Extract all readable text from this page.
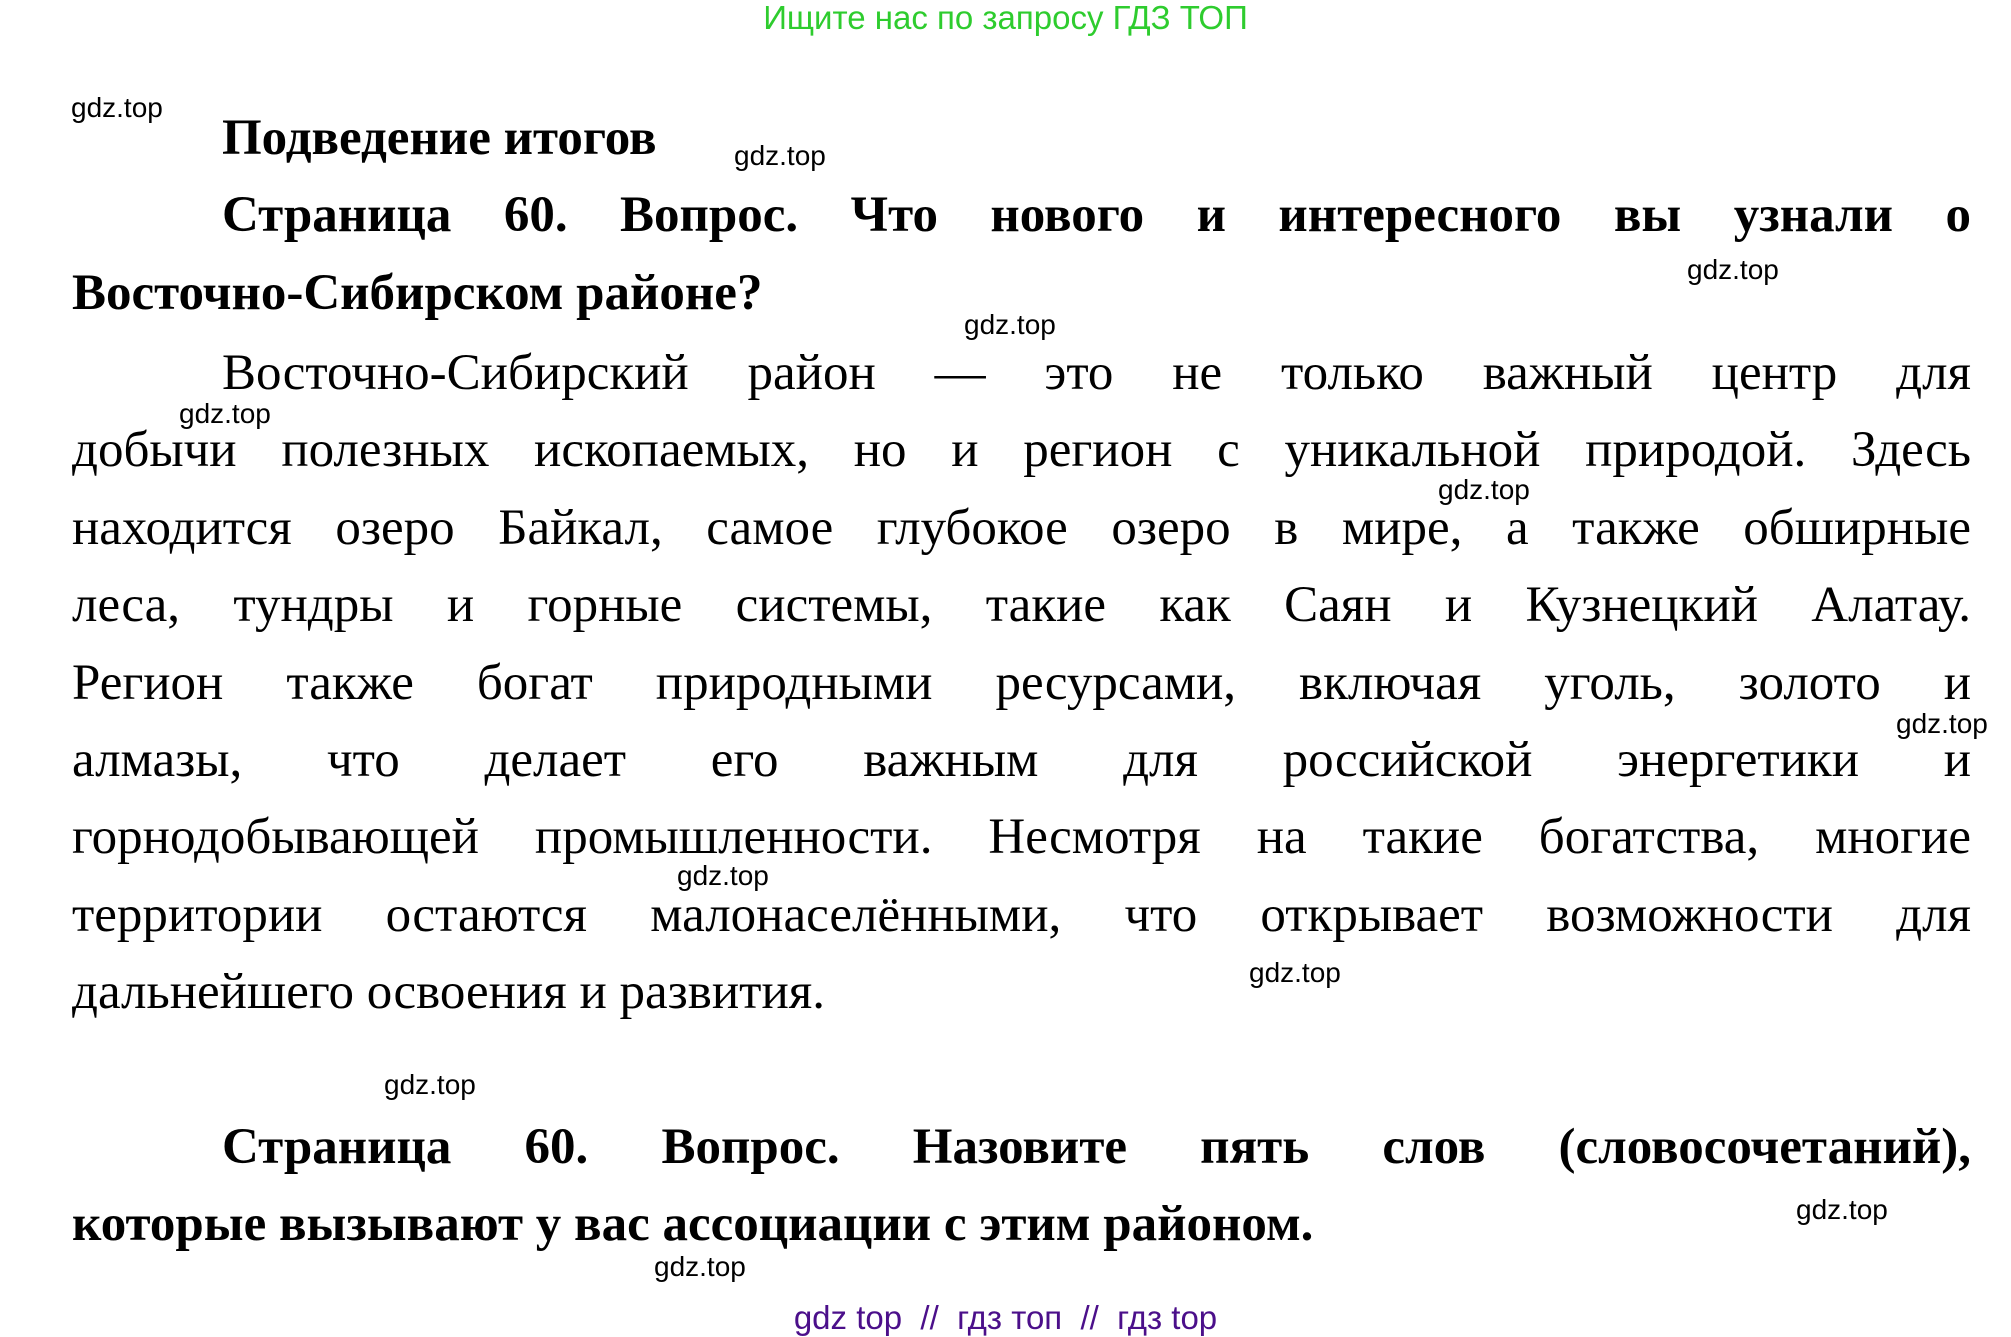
Ищите нас по запросу ГДЗ ТОП
Подведение итогов
Страница 60. Вопрос. Что нового и интересного вы узнали о
Восточно-Сибирском районе?
Восточно-Сибирский район — это не только важный центр для
добычи полезных ископаемых, но и регион с уникальной природой. Здесь
находится озеро Байкал, самое глубокое озеро в мире, а также обширные
леса, тундры и горные системы, такие как Саян и Кузнецкий Алатау.
Регион также богат природными ресурсами, включая уголь, золото и
алмазы, что делает его важным для российской энергетики и
горнодобывающей промышленности. Несмотря на такие богатства, многие
территории остаются малонаселёнными, что открывает возможности для
дальнейшего освоения и развития.
Страница 60. Вопрос. Назовите пять слов (словосочетаний),
которые вызывают у вас ассоциации с этим районом.
gdz.top
gdz.top
gdz.top
gdz.top
gdz.top
gdz.top
gdz.top
gdz.top
gdz.top
gdz.top
gdz.top
gdz.top
gdz top  //  гдз топ  //  гдз top
